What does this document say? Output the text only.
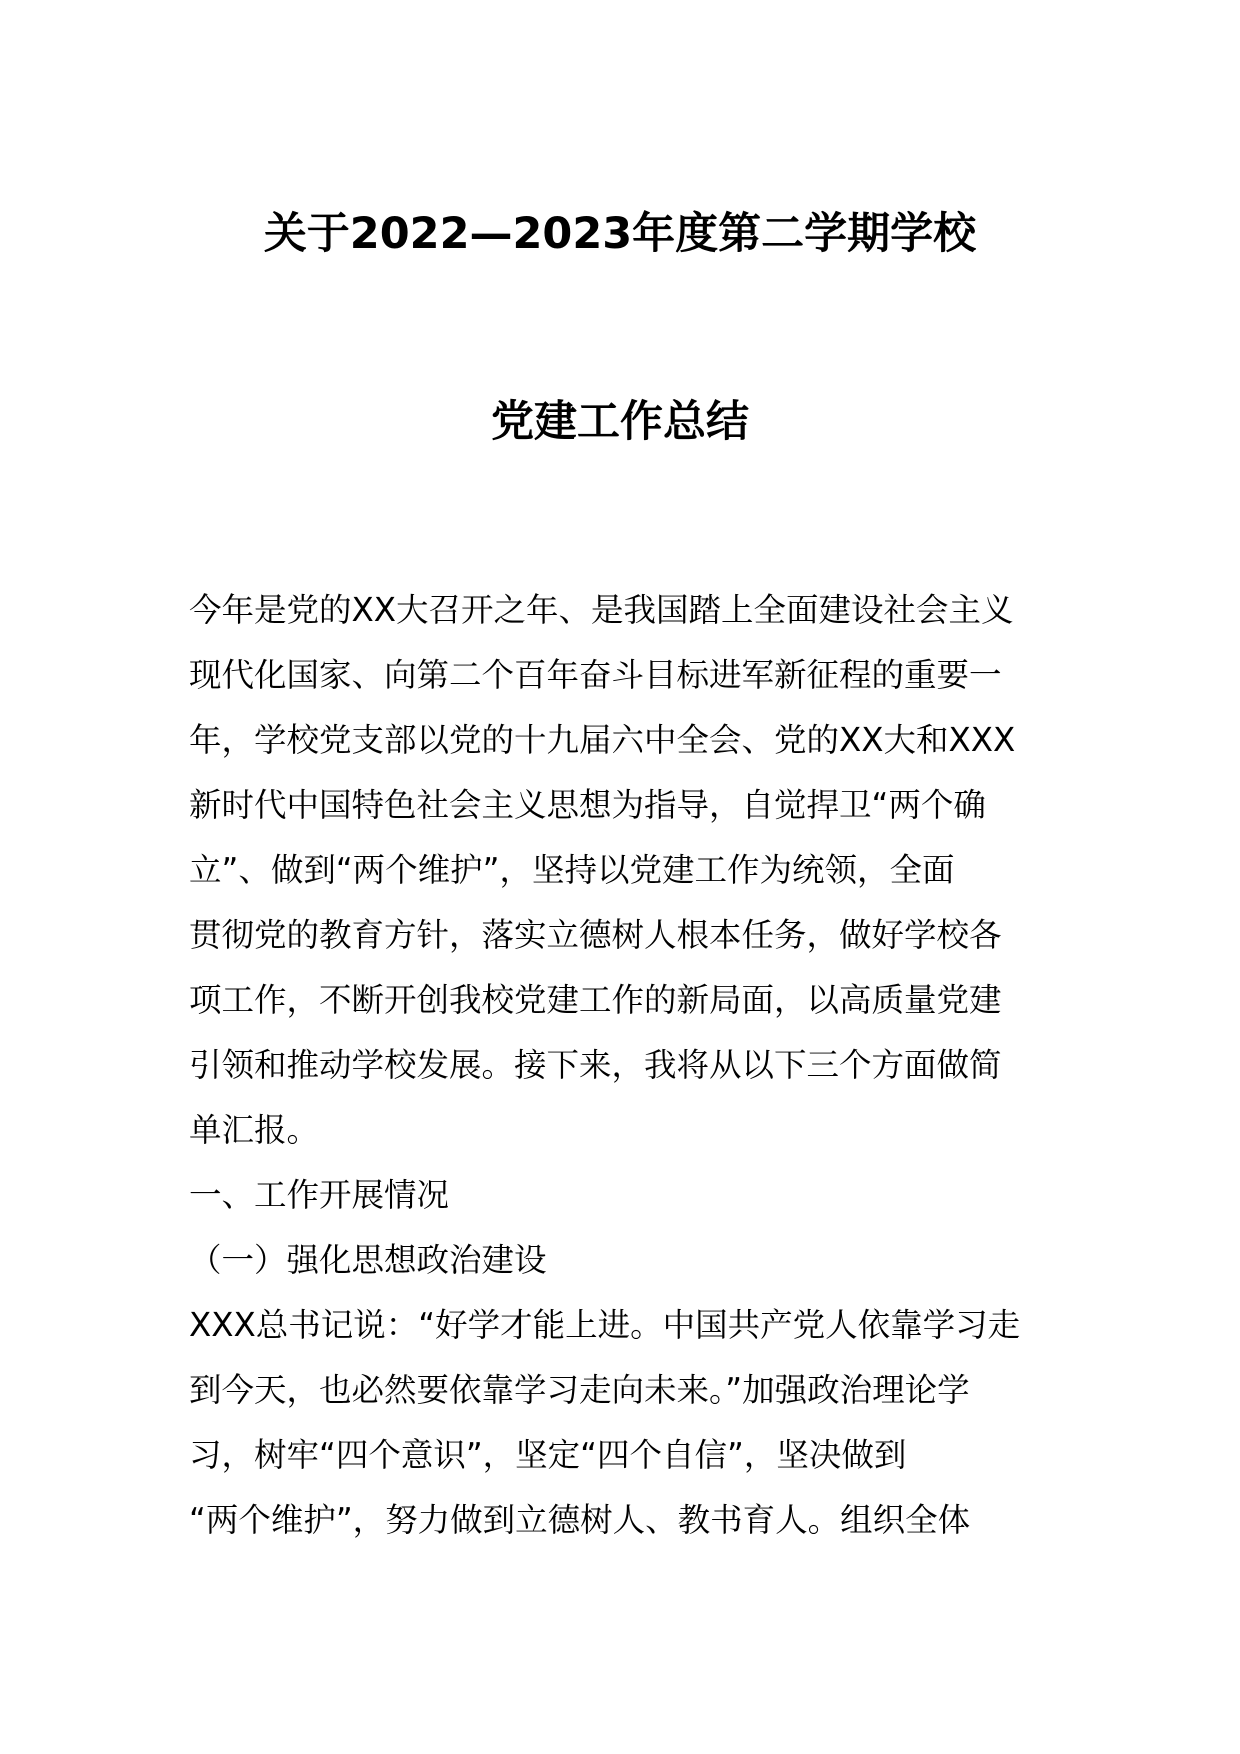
关于2022—2023年度第二学期学校
党建工作总结
今年是党的XX大召开之年、是我国踏上全面建设社会主义
现代化国家、向第二个百年奋斗目标进军新征程的重要一
年，学校党支部以党的十九届六中全会、党的XX大和XXX
新时代中国特色社会主义思想为指导，自觉捍卫“两个确
立”、做到“两个维护”，坚持以党建工作为统领，全面
贯彻党的教育方针，落实立德树人根本任务，做好学校各
项工作，不断开创我校党建工作的新局面，以高质量党建
引领和推动学校发展。接下来，我将从以下三个方面做简
单汇报。
一、工作开展情况
（一）强化思想政治建设
XXX总书记说：“好学才能上进。中国共产党人依靠学习走
到今天，也必然要依靠学习走向未来。”加强政治理论学
习，树牢“四个意识”，坚定“四个自信”，坚决做到
“两个维护”，努力做到立德树人、教书育人。组织全体
